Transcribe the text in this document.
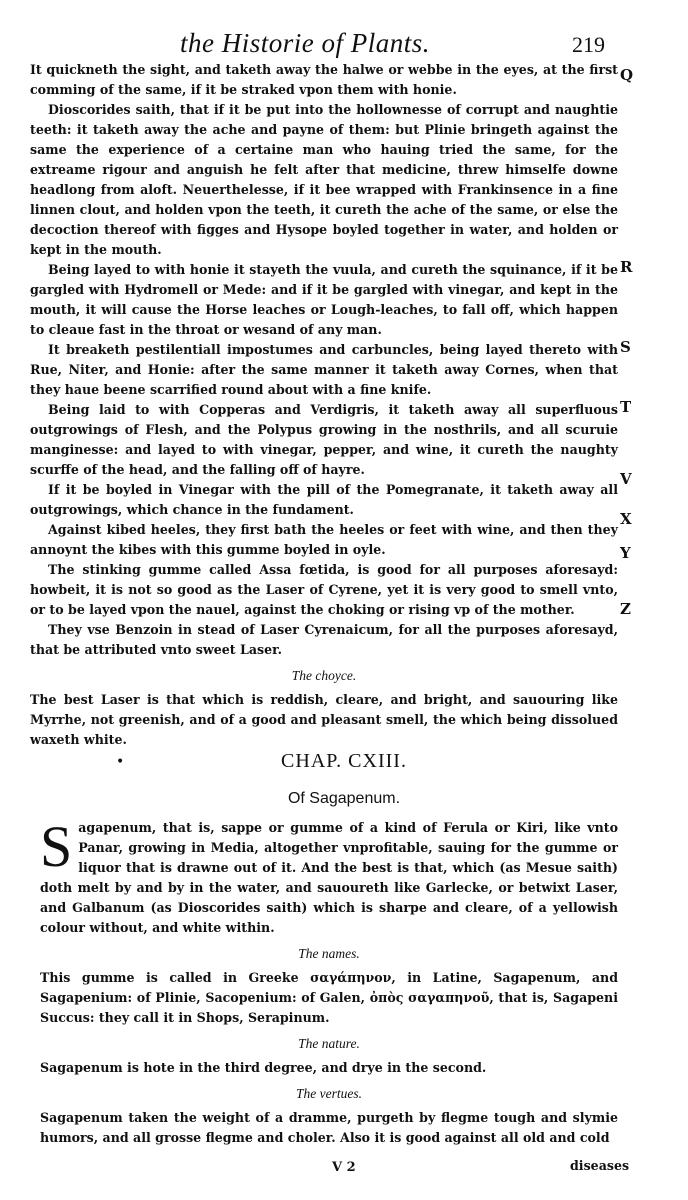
the Historie of Plants.	219
Q
R
S
T
V
X
Y
Z

It quickneth the sight, and taketh away the halwe or webbe in the eyes, at the first comming of the same, if it be straked vpon them with honie.

Dioscorides saith, that if it be put into the hollownesse of corrupt and naughtie teeth: it taketh away the ache and payne of them: but Plinie bringeth against the same the experience of a certaine man who hauing tried the same, for the extreame rigour and anguish he felt after that medicine, threw himselfe downe headlong from aloft. Neuerthelesse, if it bee wrapped with Frankinsence in a fine linnen clout, and holden vpon the teeth, it cureth the ache of the same, or else the decoction thereof with figges and Hysope boyled together in water, and holden or kept in the mouth.

Being layed to with honie it stayeth the vuula, and cureth the squinance, if it be gargled with Hydromell or Mede: and if it be gargled with vinegar, and kept in the mouth, it will cause the Horse leaches or Lough-leaches, to fall off, which happen to cleaue fast in the throat or wesand of any man.

It breaketh pestilentiall impostumes and carbuncles, being layed thereto with Rue, Niter, and Honie: after the same manner it taketh away Cornes, when that they haue beene scarrified round about with a fine knife.

Being laid to with Copperas and Verdigris, it taketh away all superfluous outgrowings of Flesh, and the Polypus growing in the nosthrils, and all scuruie manginesse: and layed to with vinegar, pepper, and wine, it cureth the naughty scurffe of the head, and the falling off of hayre.

If it be boyled in Vinegar with the pill of the Pomegranate, it taketh away all outgrowings, which chance in the fundament.

Against kibed heeles, they first bath the heeles or feet with wine, and then they annoynt the kibes with this gumme boyled in oyle.

The stinking gumme called Assa fœtida, is good for all purposes aforesayd: howbeit, it is not so good as the Laser of Cyrene, yet it is very good to smell vnto, or to be layed vpon the nauel, against the choking or rising vp of the mother.

They vse Benzoin in stead of Laser Cyrenaicum, for all the purposes aforesayd, that be attributed vnto sweet Laser.

The choyce.

The best Laser is that which is reddish, cleare, and bright, and sauouring like Myrrhe, not greenish, and of a good and pleasant smell, the which being dissolued waxeth white.

•	CHAP. CXIII.
Of Sagapenum.

Sagapenum, that is, sappe or gumme of a kind of Ferula or Kiri, like vnto Panar, growing in Media, altogether vnprofitable, sauing for the gumme or liquor that is drawne out of it. And the best is that, which (as Mesue saith) doth melt by and by in the water, and sauoureth like Garlecke, or betwixt Laser, and Galbanum (as Dioscorides saith) which is sharpe and cleare, of a yellowish colour without, and white within.

The names.

This gumme is called in Greeke σαγάπηνον, in Latine, Sagapenum, and Sagapenium: of Plinie, Sacopenium: of Galen, ὀπὸς σαγαπηνοῦ, that is, Sagapeni Succus: they call it in Shops, Serapinum.

The nature.

Sagapenum is hote in the third degree, and drye in the second.

The vertues.

Sagapenum taken the weight of a dramme, purgeth by flegme tough and slymie humors, and all grosse flegme and choler. Also it is good against all old and cold

V 2	diseases
